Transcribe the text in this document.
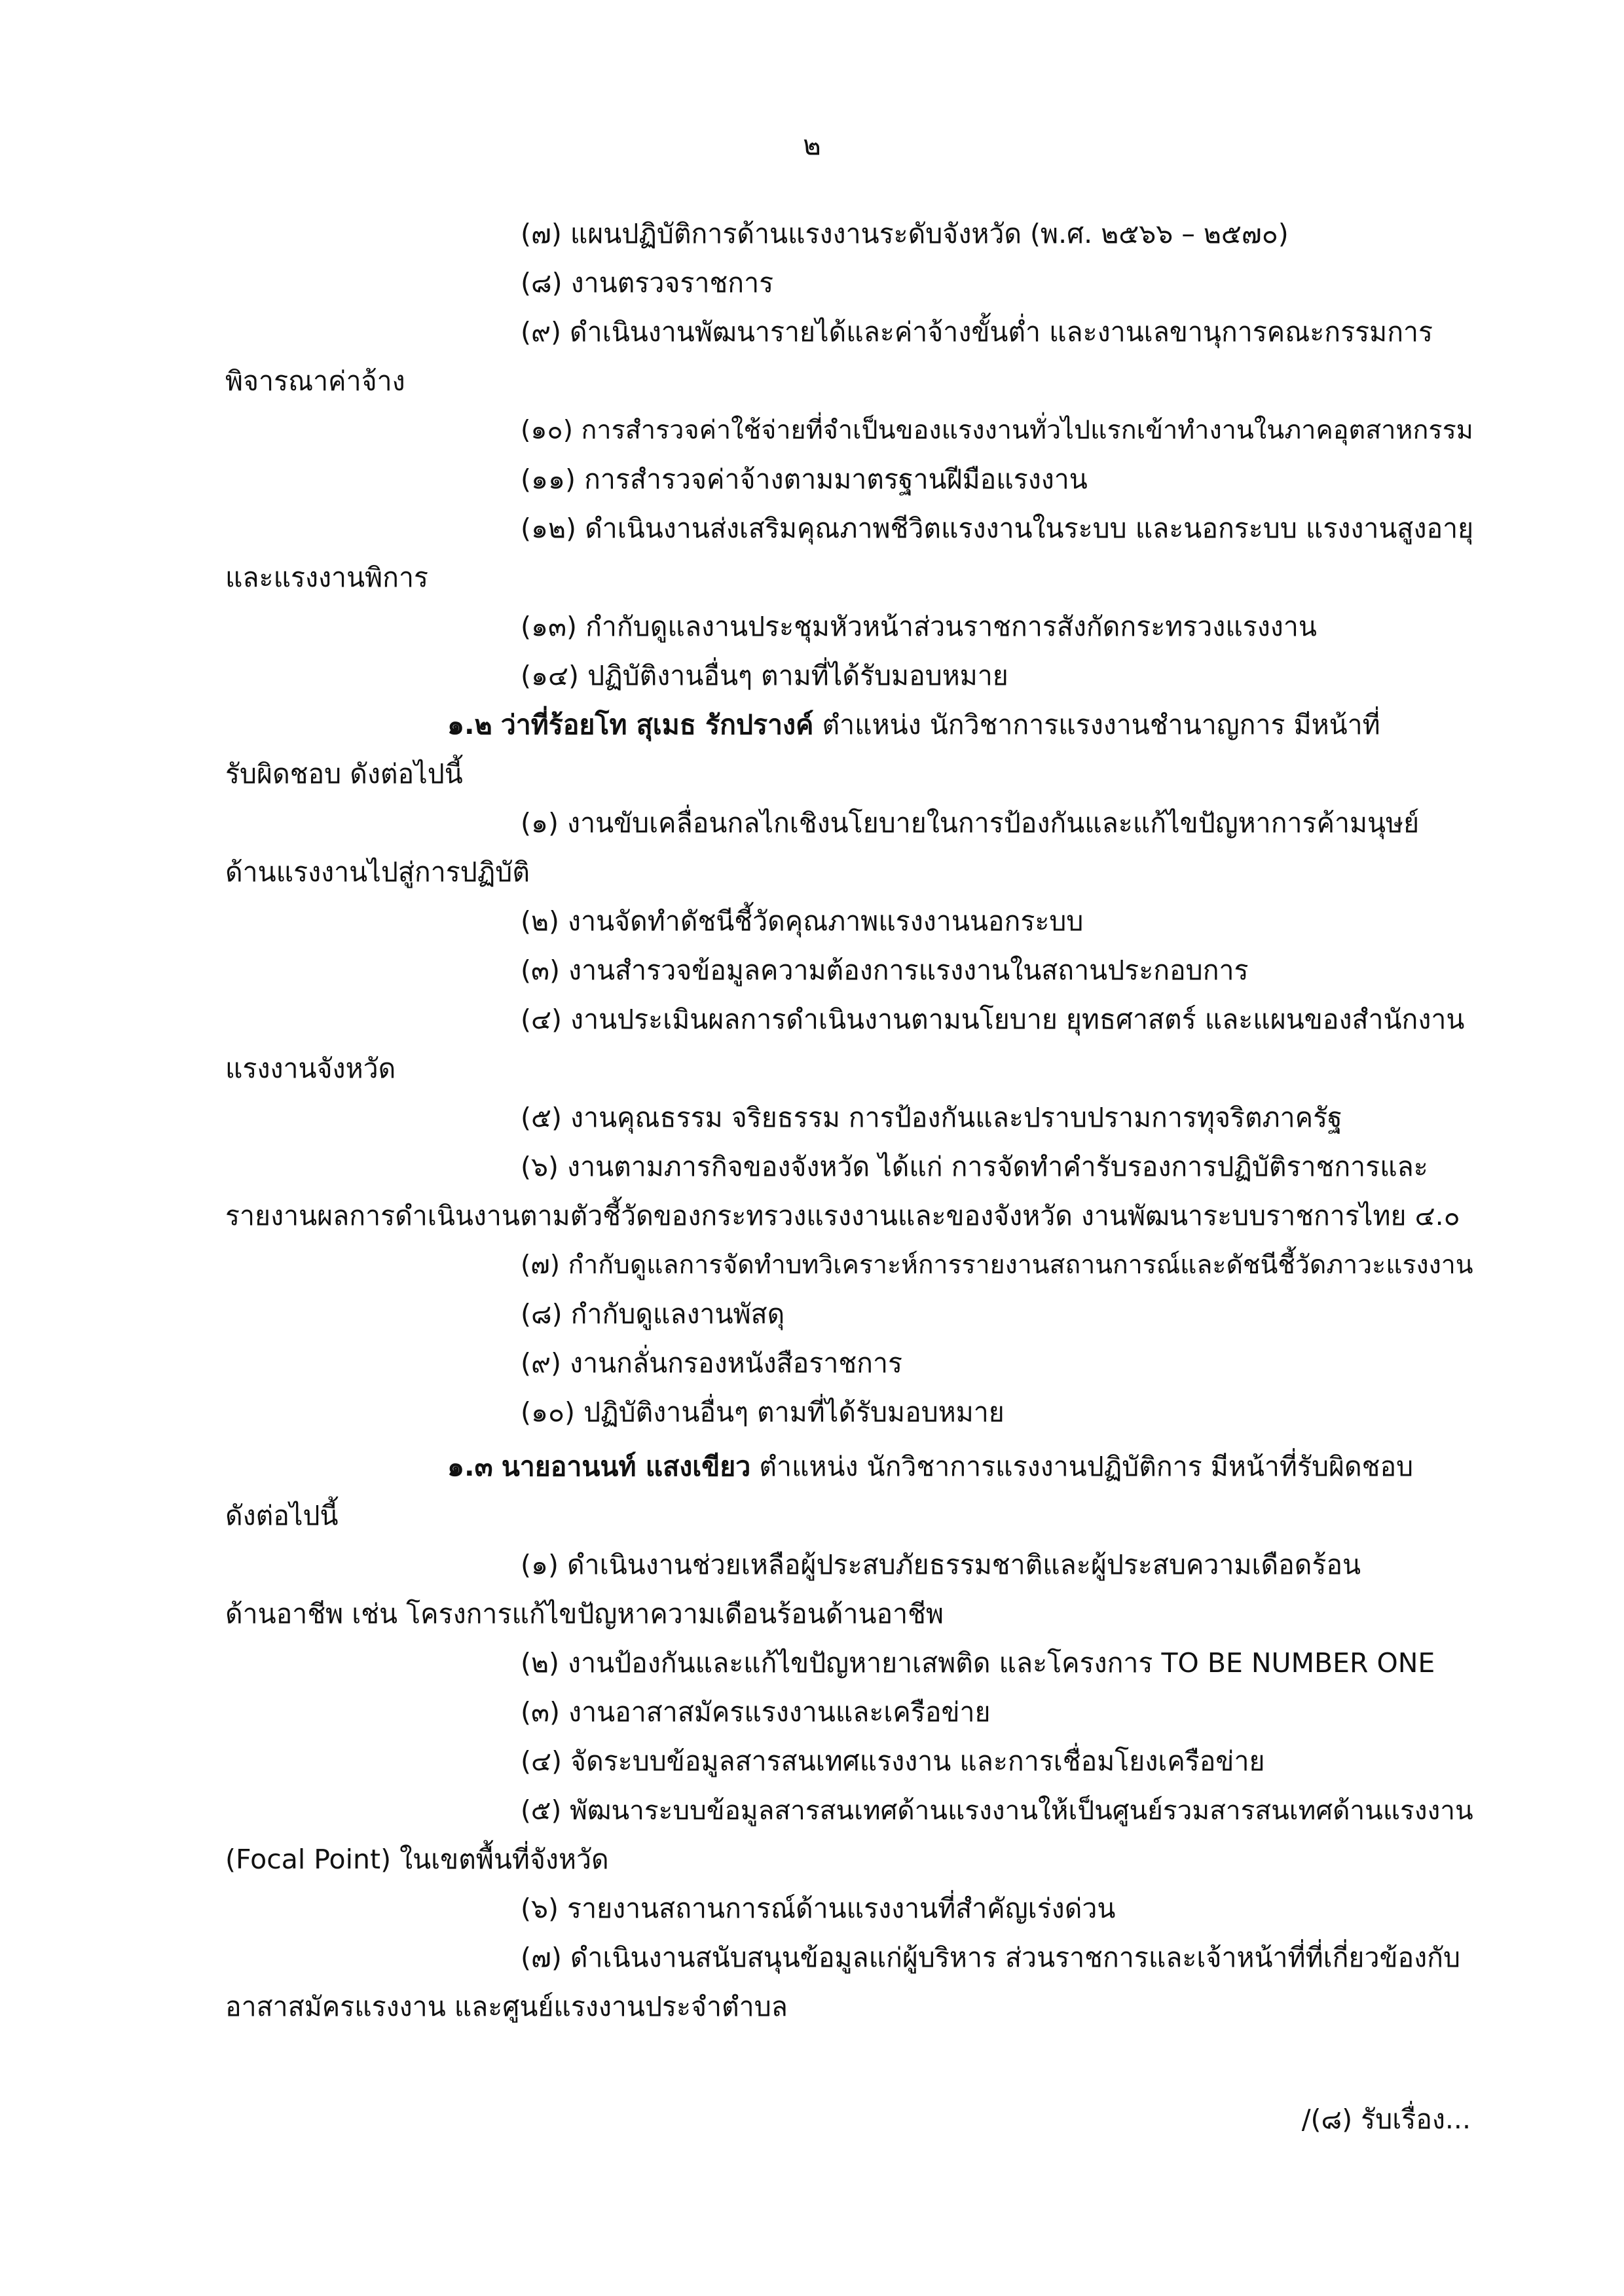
๒
(๗) แผนปฏิบัติการด้านแรงงานระดับจังหวัด (พ.ศ. ๒๕๖๖ – ๒๕๗๐)
(๘) งานตรวจราชการ
(๙) ดำเนินงานพัฒนารายได้และค่าจ้างขั้นต่ำ และงานเลขานุการคณะกรรมการ
พิจารณาค่าจ้าง
(๑๐) การสำรวจค่าใช้จ่ายที่จำเป็นของแรงงานทั่วไปแรกเข้าทำงานในภาคอุตสาหกรรม
(๑๑) การสำรวจค่าจ้างตามมาตรฐานฝีมือแรงงาน
(๑๒) ดำเนินงานส่งเสริมคุณภาพชีวิตแรงงานในระบบ และนอกระบบ แรงงานสูงอายุ
และแรงงานพิการ
(๑๓) กำกับดูแลงานประชุมหัวหน้าส่วนราชการสังกัดกระทรวงแรงงาน
(๑๔) ปฏิบัติงานอื่นๆ ตามที่ได้รับมอบหมาย
๑.๒ ว่าที่ร้อยโท สุเมธ รักปรางค์ ตำแหน่ง นักวิชาการแรงงานชำนาญการ มีหน้าที่
รับผิดชอบ ดังต่อไปนี้
(๑) งานขับเคลื่อนกลไกเชิงนโยบายในการป้องกันและแก้ไขปัญหาการค้ามนุษย์
ด้านแรงงานไปสู่การปฏิบัติ
(๒) งานจัดทำดัชนีชี้วัดคุณภาพแรงงานนอกระบบ
(๓) งานสำรวจข้อมูลความต้องการแรงงานในสถานประกอบการ
(๔) งานประเมินผลการดำเนินงานตามนโยบาย ยุทธศาสตร์ และแผนของสำนักงาน
แรงงานจังหวัด
(๕) งานคุณธรรม จริยธรรม การป้องกันและปราบปรามการทุจริตภาครัฐ
(๖) งานตามภารกิจของจังหวัด ได้แก่ การจัดทำคำรับรองการปฏิบัติราชการและ
รายงานผลการดำเนินงานตามตัวชี้วัดของกระทรวงแรงงานและของจังหวัด งานพัฒนาระบบราชการไทย ๔.๐
(๗) กำกับดูแลการจัดทำบทวิเคราะห์การรายงานสถานการณ์และดัชนีชี้วัดภาวะแรงงาน
(๘) กำกับดูแลงานพัสดุ
(๙) งานกลั่นกรองหนังสือราชการ
(๑๐) ปฏิบัติงานอื่นๆ ตามที่ได้รับมอบหมาย
๑.๓ นายอานนท์ แสงเขียว ตำแหน่ง นักวิชาการแรงงานปฏิบัติการ มีหน้าที่รับผิดชอบ
ดังต่อไปนี้
(๑) ดำเนินงานช่วยเหลือผู้ประสบภัยธรรมชาติและผู้ประสบความเดือดร้อน
ด้านอาชีพ เช่น โครงการแก้ไขปัญหาความเดือนร้อนด้านอาชีพ
(๒) งานป้องกันและแก้ไขปัญหายาเสพติด และโครงการ TO BE NUMBER ONE
(๓) งานอาสาสมัครแรงงานและเครือข่าย
(๔) จัดระบบข้อมูลสารสนเทศแรงงาน และการเชื่อมโยงเครือข่าย
(๕) พัฒนาระบบข้อมูลสารสนเทศด้านแรงงานให้เป็นศูนย์รวมสารสนเทศด้านแรงงาน
(Focal Point) ในเขตพื้นที่จังหวัด
(๖) รายงานสถานการณ์ด้านแรงงานที่สำคัญเร่งด่วน
(๗) ดำเนินงานสนับสนุนข้อมูลแก่ผู้บริหาร ส่วนราชการและเจ้าหน้าที่ที่เกี่ยวข้องกับ
อาสาสมัครแรงงาน และศูนย์แรงงานประจำตำบล
/(๘) รับเรื่อง...
